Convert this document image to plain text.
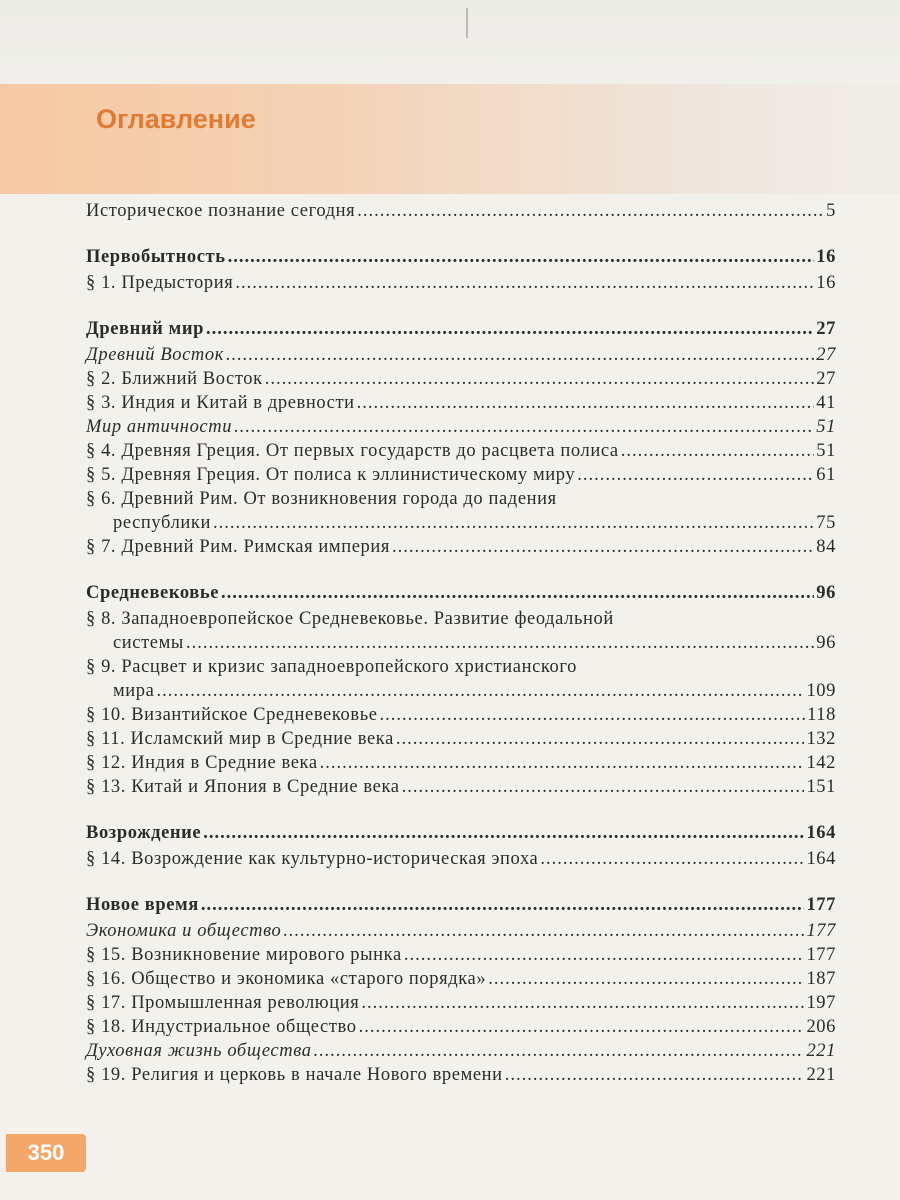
Оглавление
Историческое познание сегодня .....	5
Первобытность .....	16
§ 1. Предыстория .....	16
Древний мир .....	27
Древний Восток .....	27
§ 2. Ближний Восток .....	27
§ 3. Индия и Китай в древности .....	41
Мир античности .....	51
§ 4. Древняя Греция. От первых государств до расцвета полиса .....	51
§ 5. Древняя Греция. От полиса к эллинистическому миру .....	61
§ 6. Древний Рим. От возникновения города до падения
республики .....	75
§ 7. Древний Рим. Римская империя .....	84
Средневековье .....	96
§ 8. Западноевропейское Средневековье. Развитие феодальной
системы .....	96
§ 9. Расцвет и кризис западноевропейского христианского
мира .....	109
§ 10. Византийское Средневековье .....	118
§ 11. Исламский мир в Средние века .....	132
§ 12. Индия в Средние века .....	142
§ 13. Китай и Япония в Средние века .....	151
Возрождение .....	164
§ 14. Возрождение как культурно-историческая эпоха .....	164
Новое время .....	177
Экономика и общество .....	177
§ 15. Возникновение мирового рынка .....	177
§ 16. Общество и экономика «старого порядка» .....	187
§ 17. Промышленная революция .....	197
§ 18. Индустриальное общество .....	206
Духовная жизнь общества .....	221
§ 19. Религия и церковь в начале Нового времени .....	221
350
